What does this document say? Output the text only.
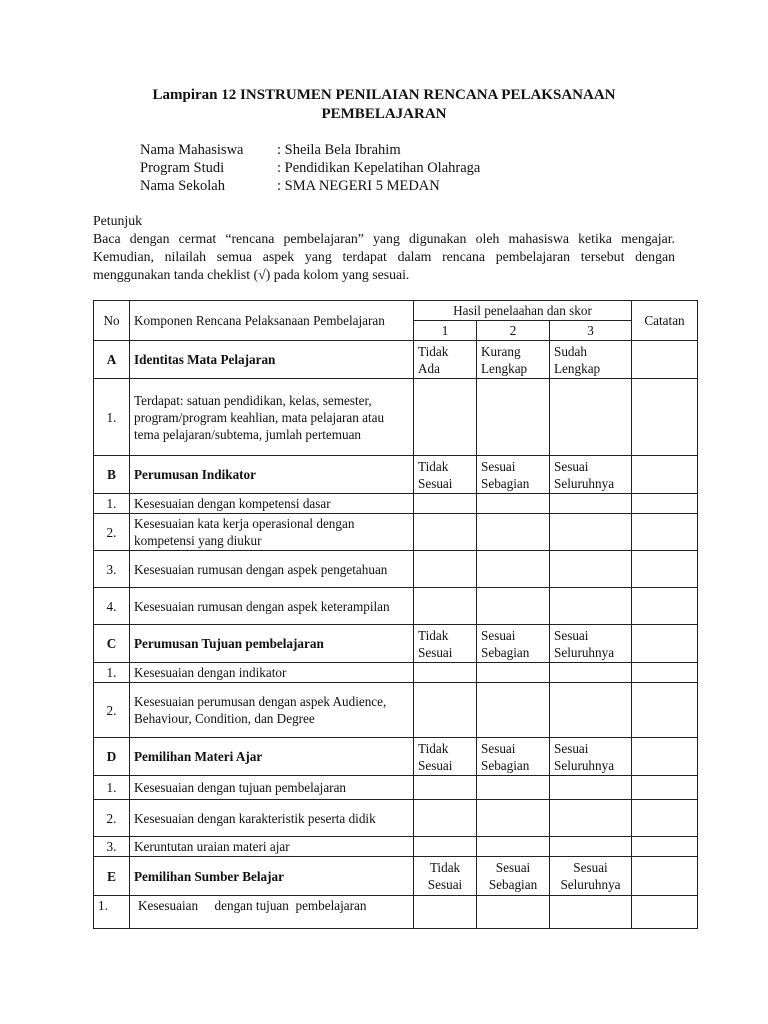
Lampiran 12 INSTRUMEN PENILAIAN RENCANA PELAKSANAAN
PEMBELAJARAN
Nama Mahasiswa	: Sheila Bela Ibrahim
Program Studi	: Pendidikan Kepelatihan Olahraga
Nama Sekolah	: SMA NEGERI 5 MEDAN
Petunjuk
Baca dengan cermat “rencana pembelajaran” yang digunakan oleh mahasiswa ketika mengajar. Kemudian, nilailah semua aspek yang terdapat dalam rencana pembelajaran tersebut dengan menggunakan tanda cheklist (√) pada kolom yang sesuai.
No	Komponen Rencana Pelaksanaan Pembelajaran	Hasil penelaahan dan skor			Catatan
		1	2	3	
A	Identitas Mata Pelajaran	Tidak Ada	Kurang Lengkap	Sudah Lengkap	
1.	Terdapat: satuan pendidikan, kelas, semester, program/program keahlian, mata pelajaran atau tema pelajaran/subtema, jumlah pertemuan				
B	Perumusan Indikator	Tidak Sesuai	Sesuai Sebagian	Sesuai Seluruhnya	
1.	Kesesuaian dengan kompetensi dasar				
2.	Kesesuaian kata kerja operasional dengan kompetensi yang diukur				
3.	Kesesuaian rumusan dengan aspek pengetahuan				
4.	Kesesuaian rumusan dengan aspek keterampilan				
C	Perumusan Tujuan pembelajaran	Tidak Sesuai	Sesuai Sebagian	Sesuai Seluruhnya	
1.	Kesesuaian dengan indikator				
2.	Kesesuaian perumusan dengan aspek Audience, Behaviour, Condition, dan Degree				
D	Pemilihan Materi Ajar	Tidak Sesuai	Sesuai Sebagian	Sesuai Seluruhnya	
1.	Kesesuaian dengan tujuan pembelajaran				
2.	Kesesuaian dengan karakteristik peserta didik				
3.	Keruntutan uraian materi ajar				
E	Pemilihan Sumber Belajar	Tidak Sesuai	Sesuai Sebagian	Sesuai Seluruhnya	
1.	Kesesuaian     dengan tujuan  pembelajaran				
